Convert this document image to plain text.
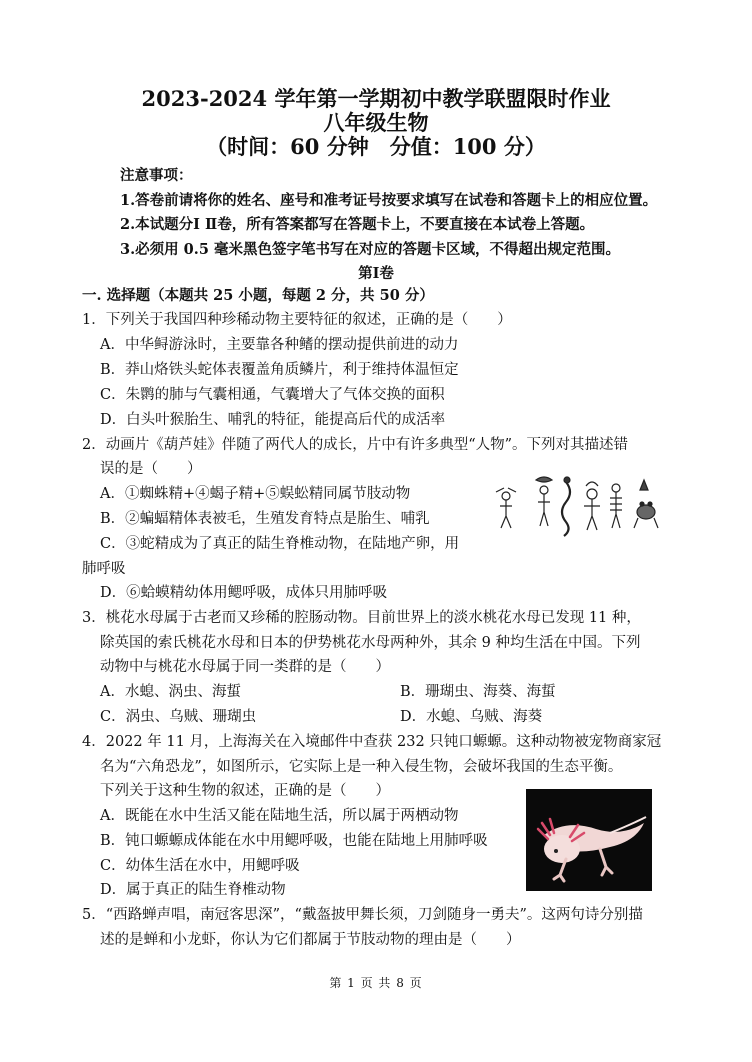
2023-2024 学年第一学期初中教学联盟限时作业
八年级生物
（时间：60 分钟　分值：100 分）
注意事项：
1.答卷前请将你的姓名、座号和准考证号按要求填写在试卷和答题卡上的相应位置。
2.本试题分Ⅰ Ⅱ卷，所有答案都写在答题卡上，不要直接在本试卷上答题。
3.必须用 0.5 毫米黑色签字笔书写在对应的答题卡区域，不得超出规定范围。
第Ⅰ卷
一. 选择题（本题共 25 小题，每题 2 分，共 50 分）
1．下列关于我国四种珍稀动物主要特征的叙述，正确的是（　　）
A．中华鲟游泳时，主要靠各种鳍的摆动提供前进的动力
B．莽山烙铁头蛇体表覆盖角质鳞片，利于维持体温恒定
C．朱鹮的肺与气囊相通，气囊增大了气体交换的面积
D．白头叶猴胎生、哺乳的特征，能提高后代的成活率
2．动画片《葫芦娃》伴随了两代人的成长，片中有许多典型“人物”。下列对其描述错
误的是（　　）
A．①蜘蛛精+④蝎子精+⑤蜈蚣精同属节肢动物
B．②蝙蝠精体表被毛，生殖发育特点是胎生、哺乳
C．③蛇精成为了真正的陆生脊椎动物，在陆地产卵，用
肺呼吸
D．⑥蛤蟆精幼体用鳃呼吸，成体只用肺呼吸
3．桃花水母属于古老而又珍稀的腔肠动物。目前世界上的淡水桃花水母已发现 11 种，
除英国的索氏桃花水母和日本的伊势桃花水母两种外，其余 9 种均生活在中国。下列
动物中与桃花水母属于同一类群的是（　　）
A．水螅、涡虫、海蜇	B．珊瑚虫、海葵、海蜇
C．涡虫、乌贼、珊瑚虫	D．水螅、乌贼、海葵
4．2022 年 11 月，上海海关在入境邮件中查获 232 只钝口螈螈。这种动物被宠物商家冠
名为“六角恐龙”，如图所示，它实际上是一种入侵生物，会破坏我国的生态平衡。
下列关于这种生物的叙述，正确的是（　　）
A．既能在水中生活又能在陆地生活，所以属于两栖动物
B．钝口螈螈成体能在水中用鳃呼吸，也能在陆地上用肺呼吸
C．幼体生活在水中，用鳃呼吸
D．属于真正的陆生脊椎动物
5．“西路蝉声唱，南冠客思深”，“戴盔披甲舞长须，刀剑随身一勇夫”。这两句诗分别描
述的是蝉和小龙虾，你认为它们都属于节肢动物的理由是（　　）
第 1 页 共 8 页
